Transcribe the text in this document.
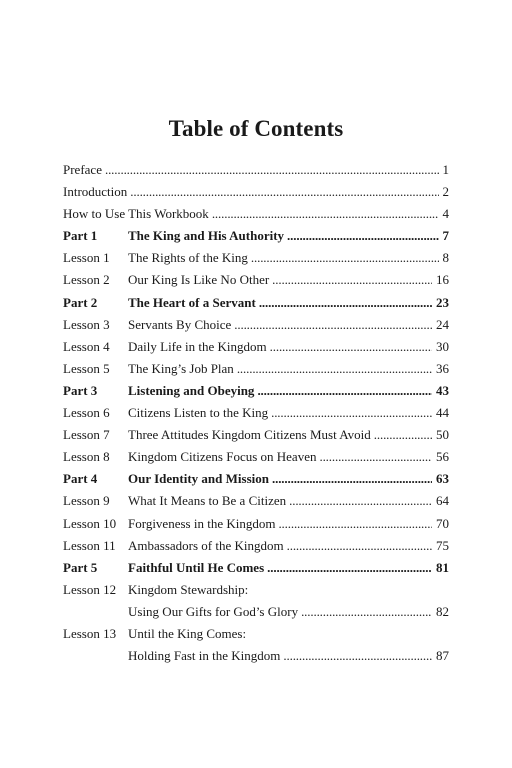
Table of Contents
Preface . . .	1
Introduction . . .	2
How to Use This Workbook . . .	4
Part 1	The King and His Authority . . .	7
Lesson 1	The Rights of the King . . .	8
Lesson 2	Our King Is Like No Other . . .	16
Part 2	The Heart of a Servant . . .	23
Lesson 3	Servants By Choice . . .	24
Lesson 4	Daily Life in the Kingdom . . .	30
Lesson 5	The King’s Job Plan . . .	36
Part 3	Listening and Obeying . . .	43
Lesson 6	Citizens Listen to the King . . .	44
Lesson 7	Three Attitudes Kingdom Citizens Must Avoid . . .	50
Lesson 8	Kingdom Citizens Focus on Heaven . . .	56
Part 4	Our Identity and Mission . . .	63
Lesson 9	What It Means to Be a Citizen . . .	64
Lesson 10 Forgiveness in the Kingdom . . .	70
Lesson 11 Ambassadors of the Kingdom . . .	75
Part 5	Faithful Until He Comes . . .	81
Lesson 12 Kingdom Stewardship:
Using Our Gifts for God’s Glory . . .	82
Lesson 13 Until the King Comes:
Holding Fast in the Kingdom . . .	87
